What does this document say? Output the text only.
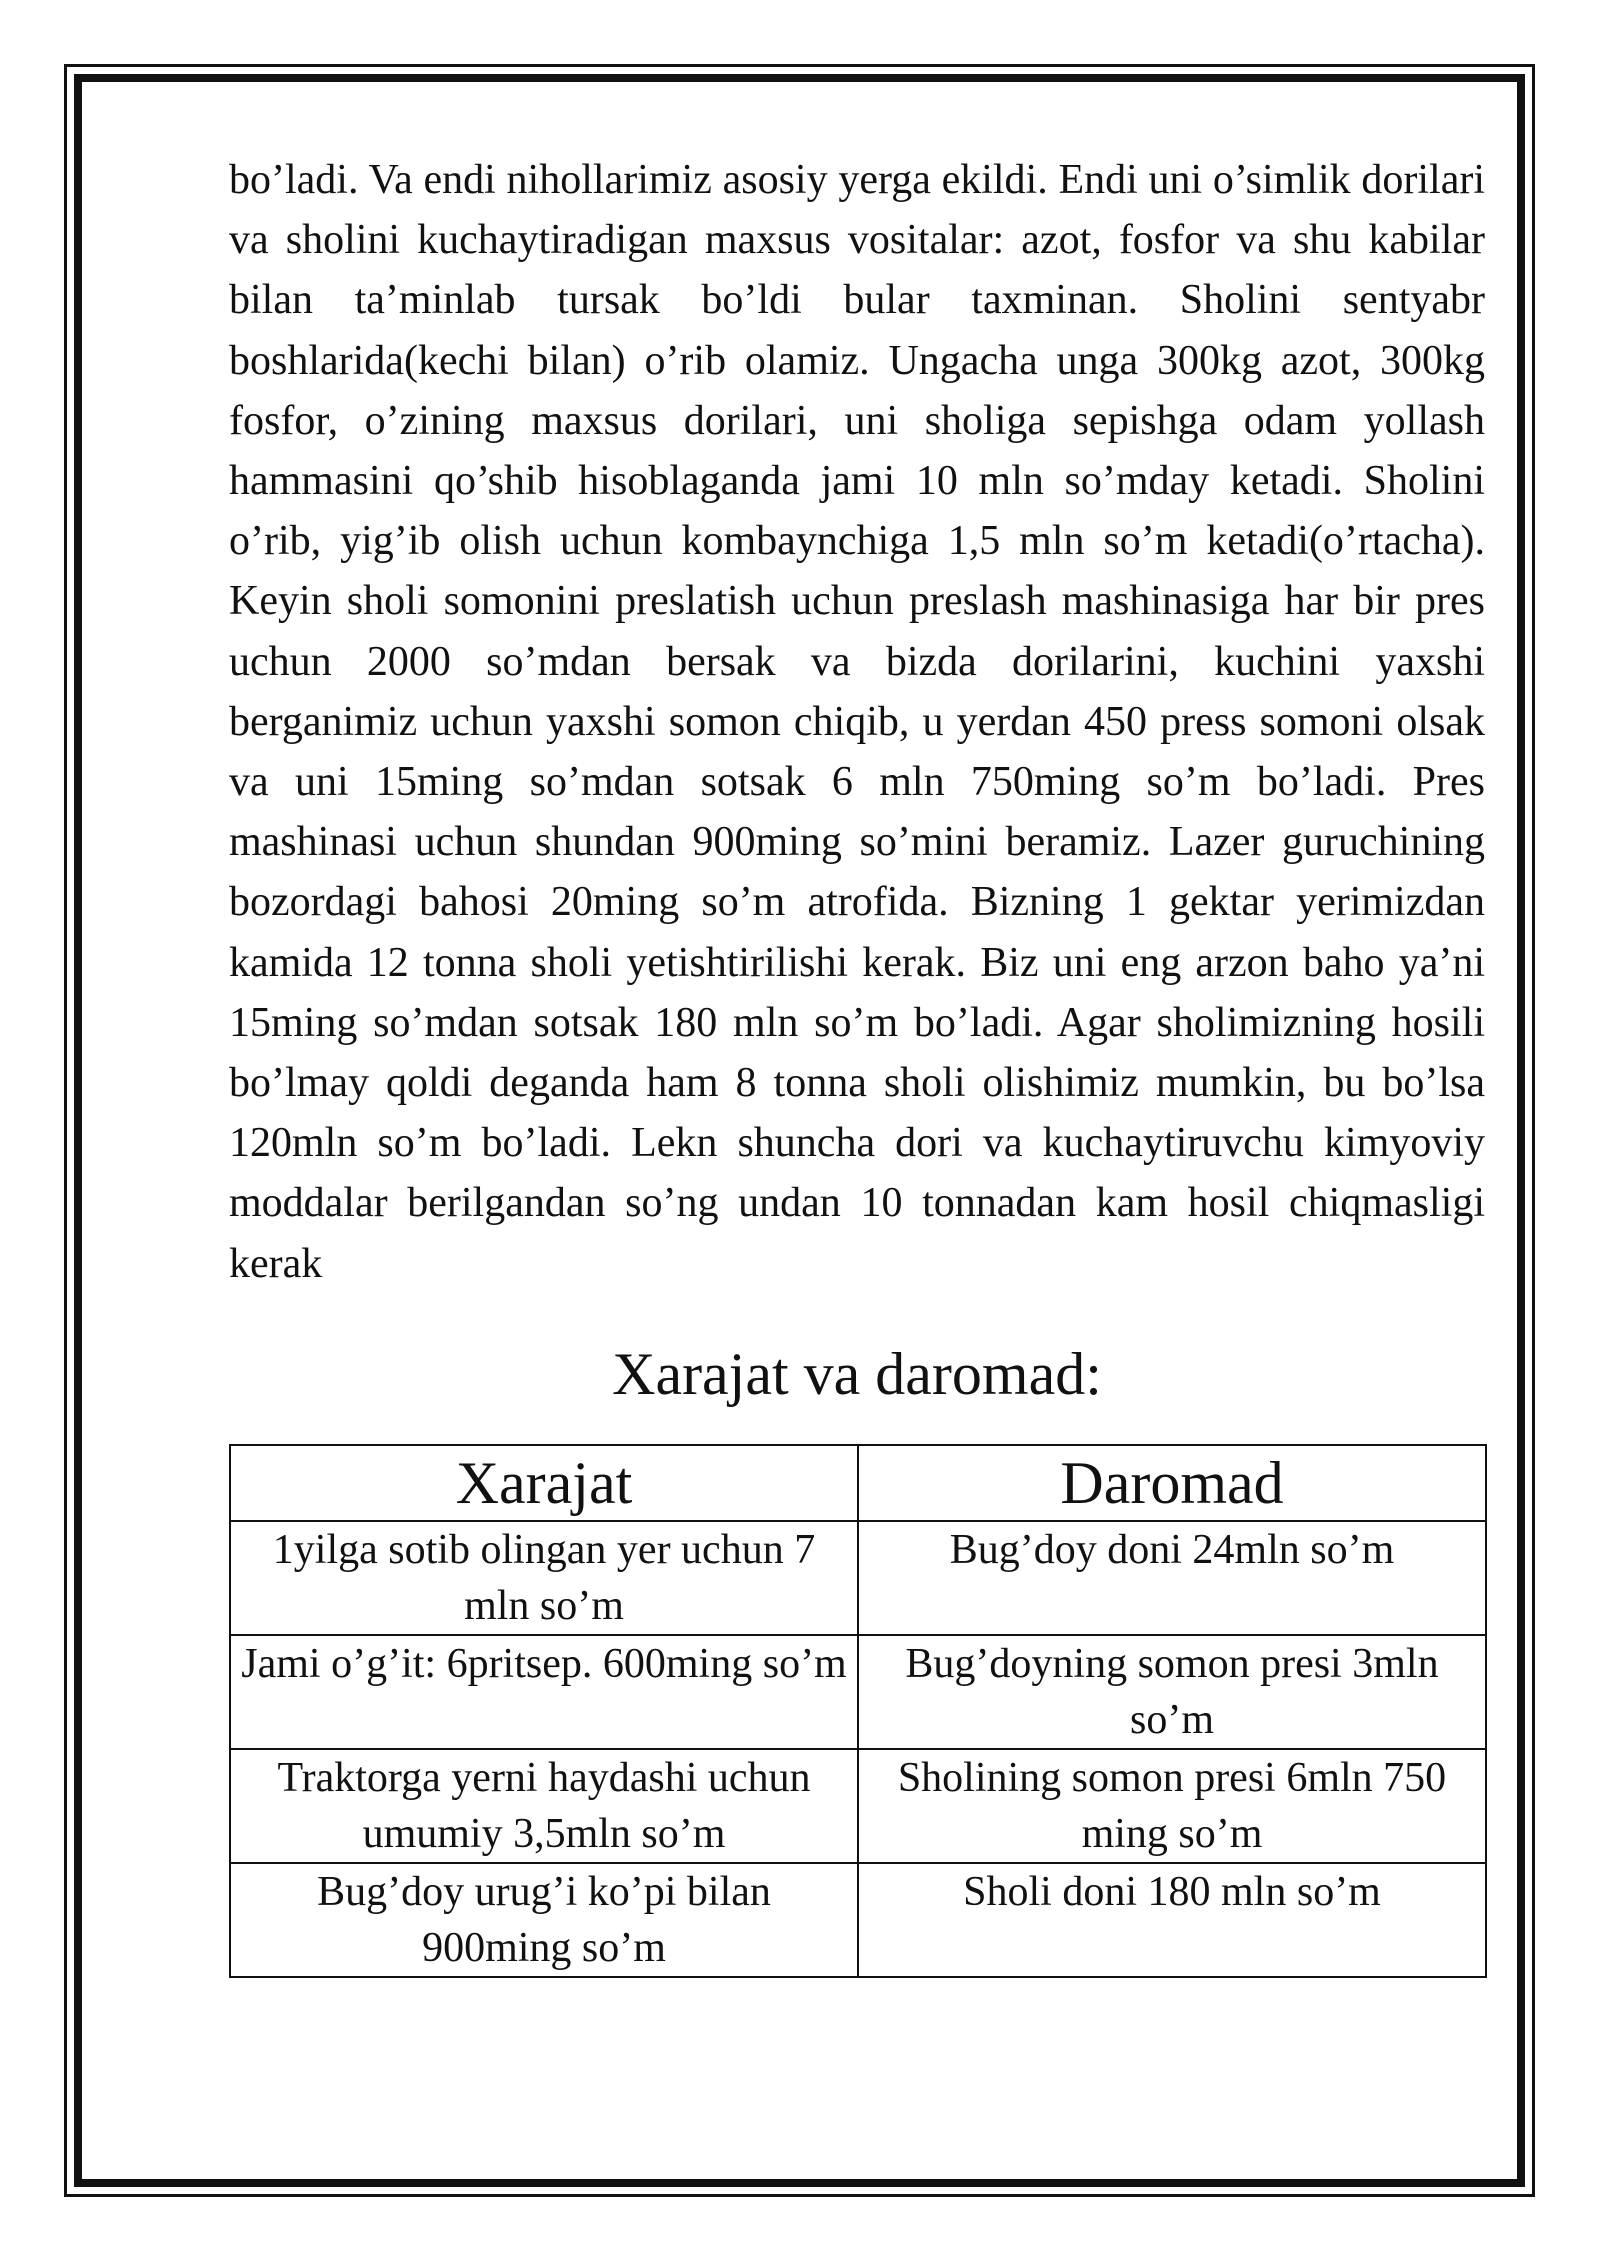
bo’ladi. Va endi nihollarimiz asosiy yerga ekildi. Endi uni o’simlik dorilari va sholini kuchaytiradigan maxsus vositalar: azot, fosfor va shu kabilar bilan ta’minlab tursak bo’ldi bular taxminan. Sholini sentyabr boshlarida(kechi bilan) o’rib olamiz. Ungacha unga 300kg azot, 300kg fosfor, o’zining maxsus dorilari, uni sholiga sepishga odam yollash hammasini qo’shib hisoblaganda jami 10 mln so’mday ketadi. Sholini o’rib, yig’ib olish uchun kombaynchiga 1,5 mln so’m ketadi(o’rtacha). Keyin sholi somonini preslatish uchun preslash mashinasiga har bir pres uchun 2000 so’mdan bersak va bizda dorilarini, kuchini yaxshi berganimiz uchun yaxshi somon chiqib, u yerdan 450 press somoni olsak va uni 15ming so’mdan sotsak 6 mln 750ming so’m bo’ladi. Pres mashinasi uchun shundan 900ming so’mini beramiz. Lazer guruchining bozordagi bahosi 20ming so’m atrofida. Bizning 1 gektar yerimizdan kamida 12 tonna sholi yetishtirilishi kerak. Biz uni eng arzon baho ya’ni 15ming so’mdan sotsak 180 mln so’m bo’ladi. Agar sholimizning hosili bo’lmay qoldi deganda ham 8 tonna sholi olishimiz mumkin, bu bo’lsa 120mln so’m bo’ladi. Lekn shuncha dori va kuchaytiruvchu kimyoviy moddalar berilgandan so’ng undan 10 tonnadan kam hosil chiqmasligi kerak

Xarajat va daromad:
Xarajat	Daromad
1yilga sotib olingan yer uchun 7 mln so’m	Bug’doy doni 24mln so’m
Jami o’g’it: 6pritsep. 600ming so’m	Bug’doyning somon presi 3mln so’m
Traktorga yerni haydashi uchun umumiy 3,5mln so’m	Sholining somon presi 6mln 750 ming so’m
Bug’doy urug’i ko’pi bilan 900ming so’m	Sholi doni 180 mln so’m
